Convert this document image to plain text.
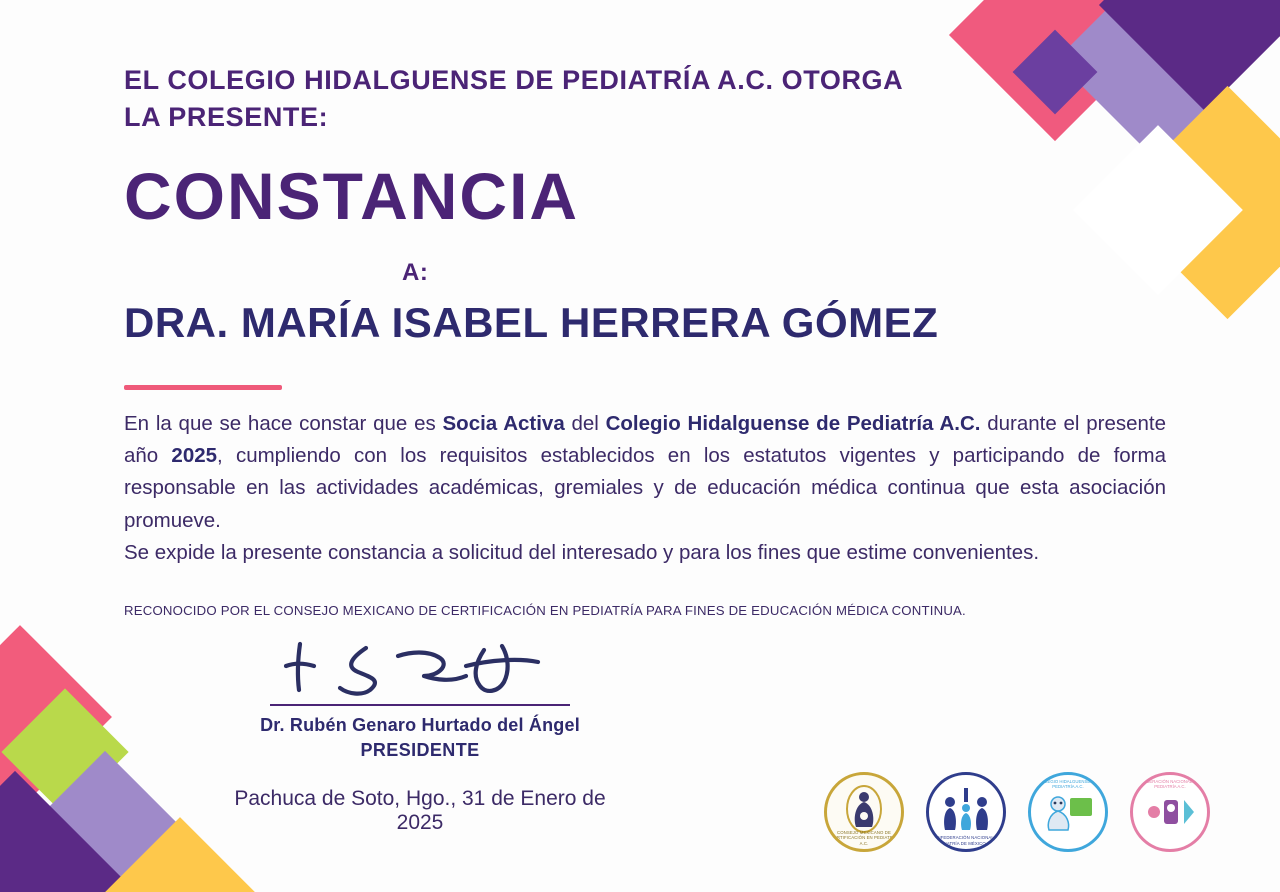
EL COLEGIO HIDALGUENSE DE PEDIATRÍA A.C. OTORGA
LA PRESENTE:
CONSTANCIA
A:
DRA. MARÍA ISABEL HERRERA GÓMEZ

En la que se hace constar que es Socia Activa del Colegio Hidalguense de Pediatría A.C. durante el presente año 2025, cumpliendo con los requisitos establecidos en los estatutos vigentes y participando de forma responsable en las actividades académicas, gremiales y de educación médica continua que esta asociación promueve.

Se expide la presente constancia a solicitud del interesado y para los fines que estime convenientes.

RECONOCIDO POR EL CONSEJO MEXICANO DE CERTIFICACIÓN EN PEDIATRÍA PARA FINES DE EDUCACIÓN MÉDICA CONTINUA.
Dr. Rubén Genaro Hurtado del Ángel
PRESIDENTE
Pachuca de Soto, Hgo., 31 de Enero de 2025	CONSEJO MEXICANO DE CERTIFICACIÓN EN PEDIATRÍA A.C.
CONFEDERACIÓN NACIONAL DE PEDIATRÍA DE MÉXICO A.C.
COLEGIO HIDALGUENSE DE PEDIATRÍA A.C.
FEDERACIÓN NACIONAL DE PEDIATRÍA A.C.
